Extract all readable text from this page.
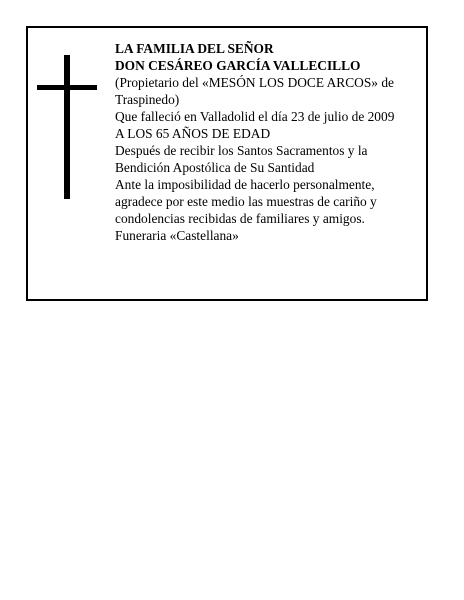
LA FAMILIA DEL SEÑOR
DON CESÁREO GARCÍA VALLECILLO
(Propietario del «MESÓN LOS DOCE ARCOS» de
Traspinedo)
Que falleció en Valladolid el día 23 de julio de 2009
A LOS 65 AÑOS DE EDAD
Después de recibir los Santos Sacramentos y la
Bendición Apostólica de Su Santidad
Ante la imposibilidad de hacerlo personalmente,
agradece por este medio las muestras de cariño y
condolencias recibidas de familiares y amigos.
Funeraria «Castellana»
